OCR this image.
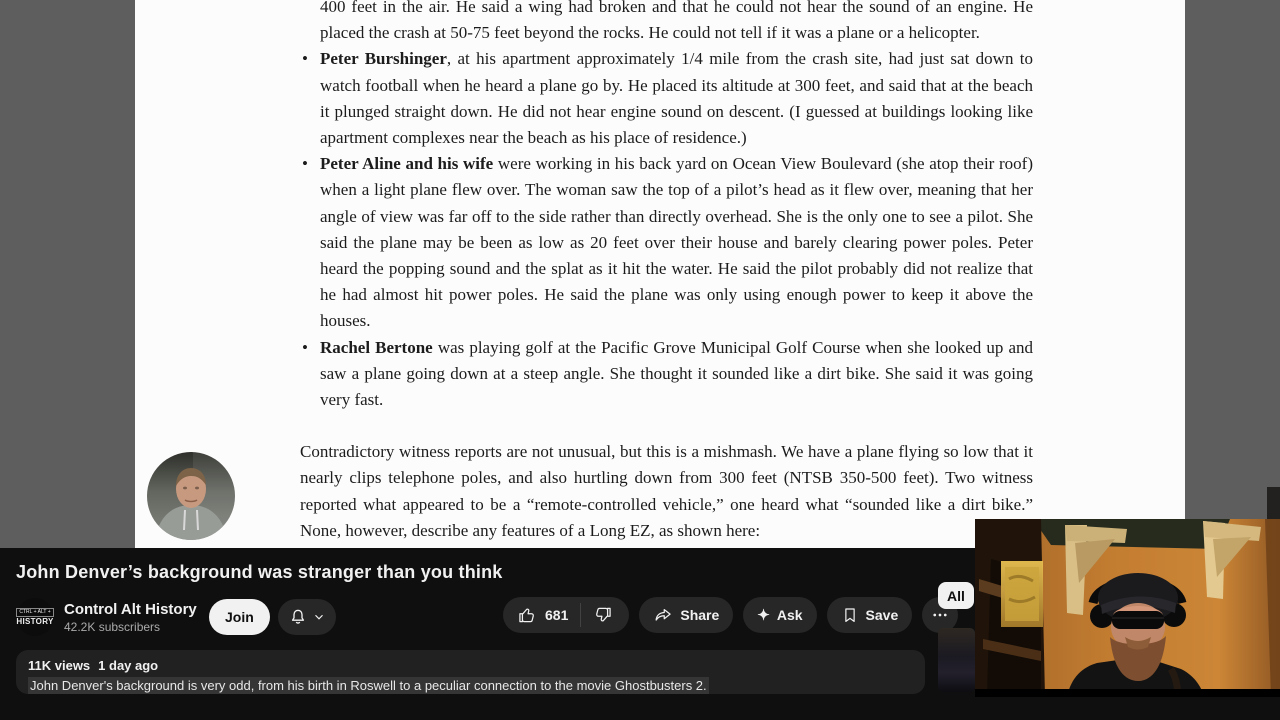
400 feet in the air. He said a wing had broken and that he could not hear the sound of an engine. He placed the crash at 50-75 feet beyond the rocks. He could not tell if it was a plane or a helicopter.
• Peter Burshinger, at his apartment approximately 1/4 mile from the crash site, had just sat down to watch football when he heard a plane go by. He placed its altitude at 300 feet, and said that at the beach it plunged straight down. He did not hear engine sound on descent. (I guessed at buildings looking like apartment complexes near the beach as his place of residence.)
• Peter Aline and his wife were working in his back yard on Ocean View Boulevard (she atop their roof) when a light plane flew over. The woman saw the top of a pilot’s head as it flew over, meaning that her angle of view was far off to the side rather than directly overhead. She is the only one to see a pilot. She said the plane may be been as low as 20 feet over their house and barely clearing power poles. Peter heard the popping sound and the splat as it hit the water. He said the pilot probably did not realize that he had almost hit power poles. He said the plane was only using enough power to keep it above the houses.
• Rachel Bertone was playing golf at the Pacific Grove Municipal Golf Course when she looked up and saw a plane going down at a steep angle. She thought it sounded like a dirt bike. She said it was going very fast.

Contradictory witness reports are not unusual, but this is a mishmash. We have a plane flying so low that it nearly clips telephone poles, and also hurtling down from 300 feet (NTSB 350-500 feet). Two witness reported what appeared to be a “remote-controlled vehicle,” one heard what “sounded like a dirt bike.” None, however, describe any features of a Long EZ, as shown here:

John Denver’s background was stranger than you think
CTRL + ALT +
HISTORY
Control Alt History
42.2K subscribers
Join	681	Share	✦ Ask	Save
All
11K views 1 day ago
John Denver's background is very odd, from his birth in Roswell to a peculiar connection to the movie Ghostbusters 2.
